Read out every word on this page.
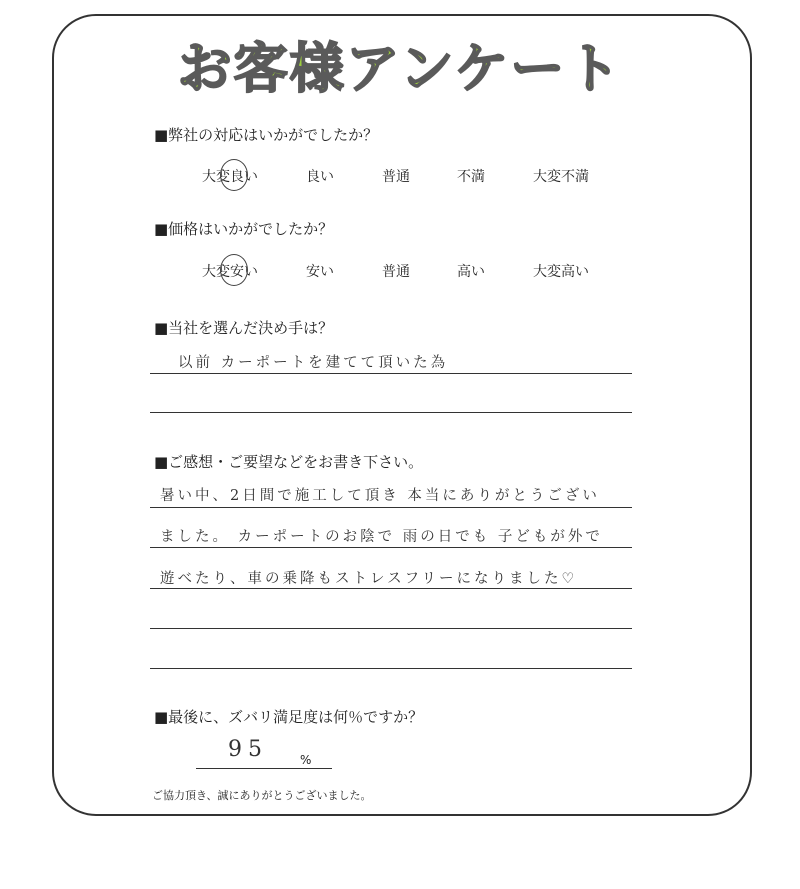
お客様アンケート
■弊社の対応はいかがでしたか？
大変良い	良い	普通	不満	大変不満
■価格はいかがでしたか？
大変安い	安い	普通	高い	大変高い
■当社を選んだ決め手は？
以前 カーポートを建てて頂いた為
■ご感想・ご要望などをお書き下さい。
暑い中、2日間で施工して頂き 本当にありがとうござい
ました。 カーポートのお陰で 雨の日でも 子どもが外で
遊べたり、車の乗降もストレスフリーになりました♡
■最後に、ズバリ満足度は何％ですか？
95	%
ご協力頂き、誠にありがとうございました。
